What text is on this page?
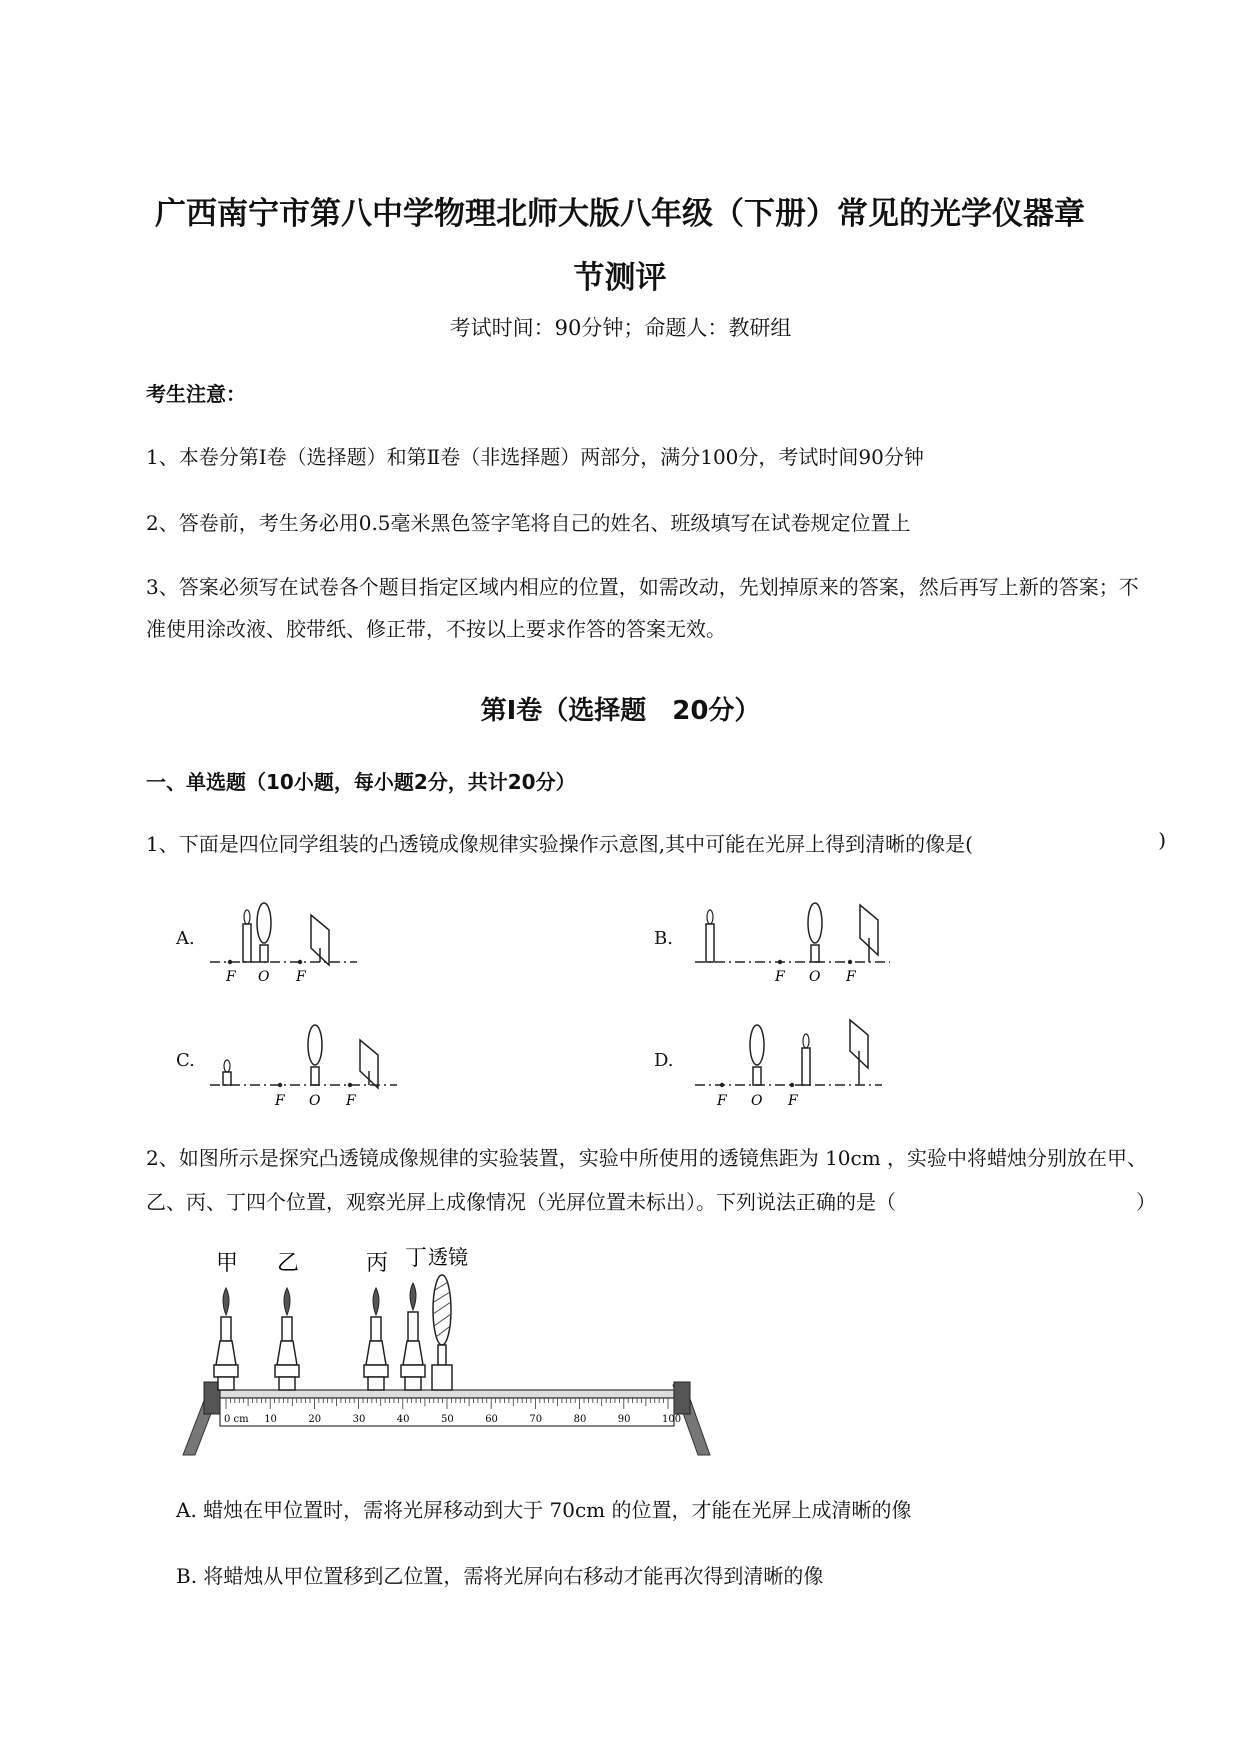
广西南宁市第八中学物理北师大版八年级（下册）常见的光学仪器章
节测评
考试时间：90分钟；命题人：教研组
考生注意：
1、本卷分第Ⅰ卷（选择题）和第Ⅱ卷（非选择题）两部分，满分100分，考试时间90分钟
2、答卷前，考生务必用0.5毫米黑色签字笔将自己的姓名、班级填写在试卷规定位置上
3、答案必须写在试卷各个题目指定区域内相应的位置，如需改动，先划掉原来的答案，然后再写上新的答案；不准使用涂改液、胶带纸、修正带，不按以上要求作答的答案无效。
第Ⅰ卷（选择题　20分）
一、单选题（10小题，每小题2分，共计20分）
1、下面是四位同学组装的凸透镜成像规律实验操作示意图,其中可能在光屏上得到清晰的像是(	)
A.	B.
C.	D.
F O F	F O F
F O F	F O F
2、如图所示是探究凸透镜成像规律的实验装置，实验中所使用的透镜焦距为 10cm ，实验中将蜡烛分别放在甲、乙、丙、丁四个位置，观察光屏上成像情况（光屏位置未标出）。下列说法正确的是（	）
0 cm 10	20	30	40	50	60	70	80	90	100
甲 乙	丙 丁 透镜
A. 蜡烛在甲位置时，需将光屏移动到大于 70cm 的位置，才能在光屏上成清晰的像
B. 将蜡烛从甲位置移到乙位置，需将光屏向右移动才能再次得到清晰的像
